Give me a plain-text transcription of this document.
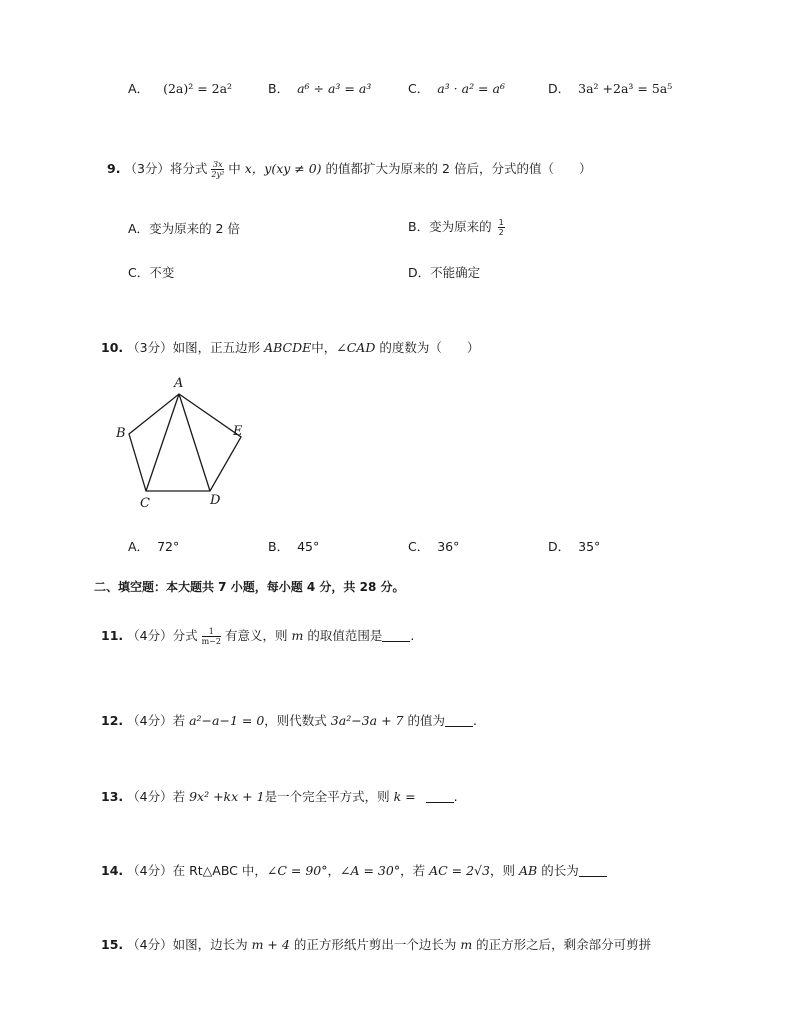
A． (2a)² = 2a²	B． a⁶ ÷ a³ = a³	C． a³ · a² = a⁶	D． 3a² +2a³ = 5a⁵
9. （3分）将分式 $\frac{3x}{\text{2y²}}$ 中 x，y(xy ≠ 0) 的值都扩大为原来的 2 倍后，分式的值（　　）
A．变为原来的 2 倍	B．变为原来的 $\frac{1}{2}$
C．不变	D．不能确定
10. （3分）如图，正五边形 ABCDE中，∠CAD 的度数为（　　）
A
B
C	D
E
A． 72°	B． 45°	C． 36°	D． 35°
二、填空题：本大题共 7 小题，每小题 4 分，共 28 分。
11. （4分）分式 $\frac{1}{m-2}$ 有意义，则 m 的取值范围是 .
12. （4分）若 a²−a−1 = 0，则代数式 3a²−3a + 7 的值为 .
13. （4分）若 9x² +kx + 1是一个完全平方式，则 k =	.
14. （4分）在 Rt△ABC 中，∠C = 90°，∠A = 30°，若 AC = 2√3，则 AB 的长为
15. （4分）如图，边长为 m + 4 的正方形纸片剪出一个边长为 m 的正方形之后，剩余部分可剪拼
